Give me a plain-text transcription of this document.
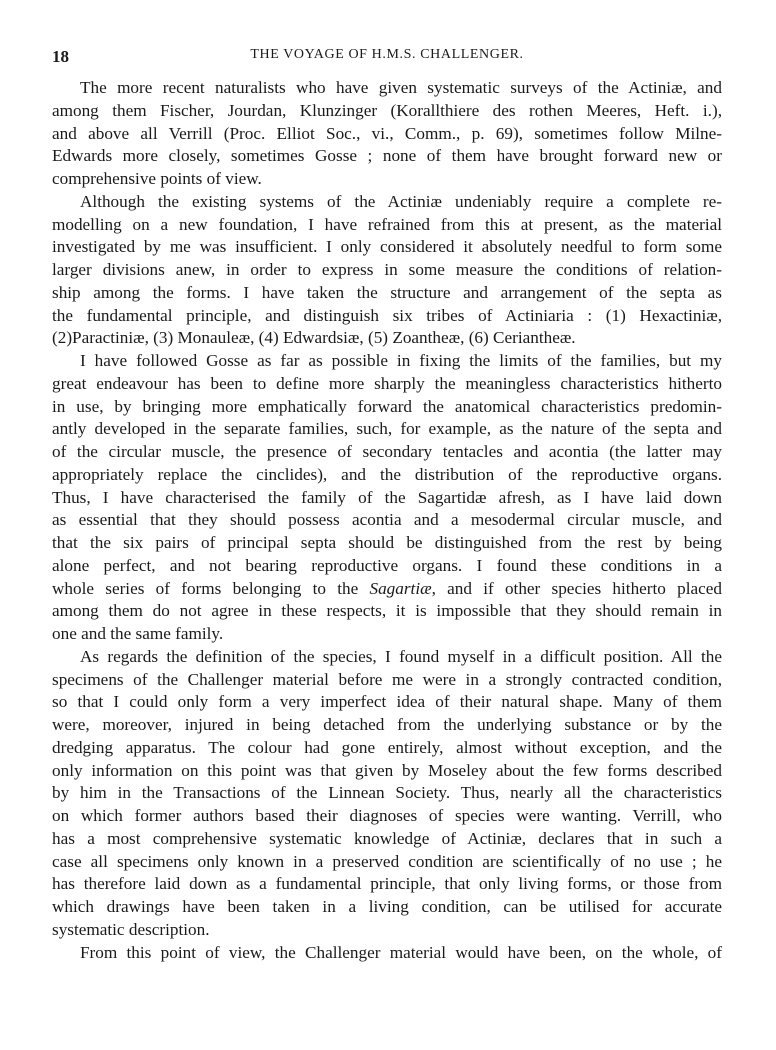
18	THE VOYAGE OF H.M.S. CHALLENGER.
The more recent naturalists who have given systematic surveys of the Actiniæ, and
among them Fischer, Jourdan, Klunzinger (Korallthiere des rothen Meeres, Heft. i.),
and above all Verrill (Proc. Elliot Soc., vi., Comm., p. 69), sometimes follow Milne-
Edwards more closely, sometimes Gosse ; none of them have brought forward new or
comprehensive points of view.
Although the existing systems of the Actiniæ undeniably require a complete re-
modelling on a new foundation, I have refrained from this at present, as the material
investigated by me was insufficient. I only considered it absolutely needful to form some
larger divisions anew, in order to express in some measure the conditions of relation-
ship among the forms. I have taken the structure and arrangement of the septa as
the fundamental principle, and distinguish six tribes of Actiniaria : (1) Hexactiniæ,
(2)Paractiniæ, (3) Monauleæ, (4) Edwardsiæ, (5) Zoantheæ, (6) Ceriantheæ.
I have followed Gosse as far as possible in fixing the limits of the families, but my
great endeavour has been to define more sharply the meaningless characteristics hitherto
in use, by bringing more emphatically forward the anatomical characteristics predomin-
antly developed in the separate families, such, for example, as the nature of the septa and
of the circular muscle, the presence of secondary tentacles and acontia (the latter may
appropriately replace the cinclides), and the distribution of the reproductive organs.
Thus, I have characterised the family of the Sagartidæ afresh, as I have laid down
as essential that they should possess acontia and a mesodermal circular muscle, and
that the six pairs of principal septa should be distinguished from the rest by being
alone perfect, and not bearing reproductive organs. I found these conditions in a
whole series of forms belonging to the Sagartiæ, and if other species hitherto placed
among them do not agree in these respects, it is impossible that they should remain in
one and the same family.
As regards the definition of the species, I found myself in a difficult position. All the
specimens of the Challenger material before me were in a strongly contracted condition,
so that I could only form a very imperfect idea of their natural shape. Many of them
were, moreover, injured in being detached from the underlying substance or by the
dredging apparatus. The colour had gone entirely, almost without exception, and the
only information on this point was that given by Moseley about the few forms described
by him in the Transactions of the Linnean Society. Thus, nearly all the characteristics
on which former authors based their diagnoses of species were wanting. Verrill, who
has a most comprehensive systematic knowledge of Actiniæ, declares that in such a
case all specimens only known in a preserved condition are scientifically of no use ; he
has therefore laid down as a fundamental principle, that only living forms, or those from
which drawings have been taken in a living condition, can be utilised for accurate
systematic description.
From this point of view, the Challenger material would have been, on the whole, of
